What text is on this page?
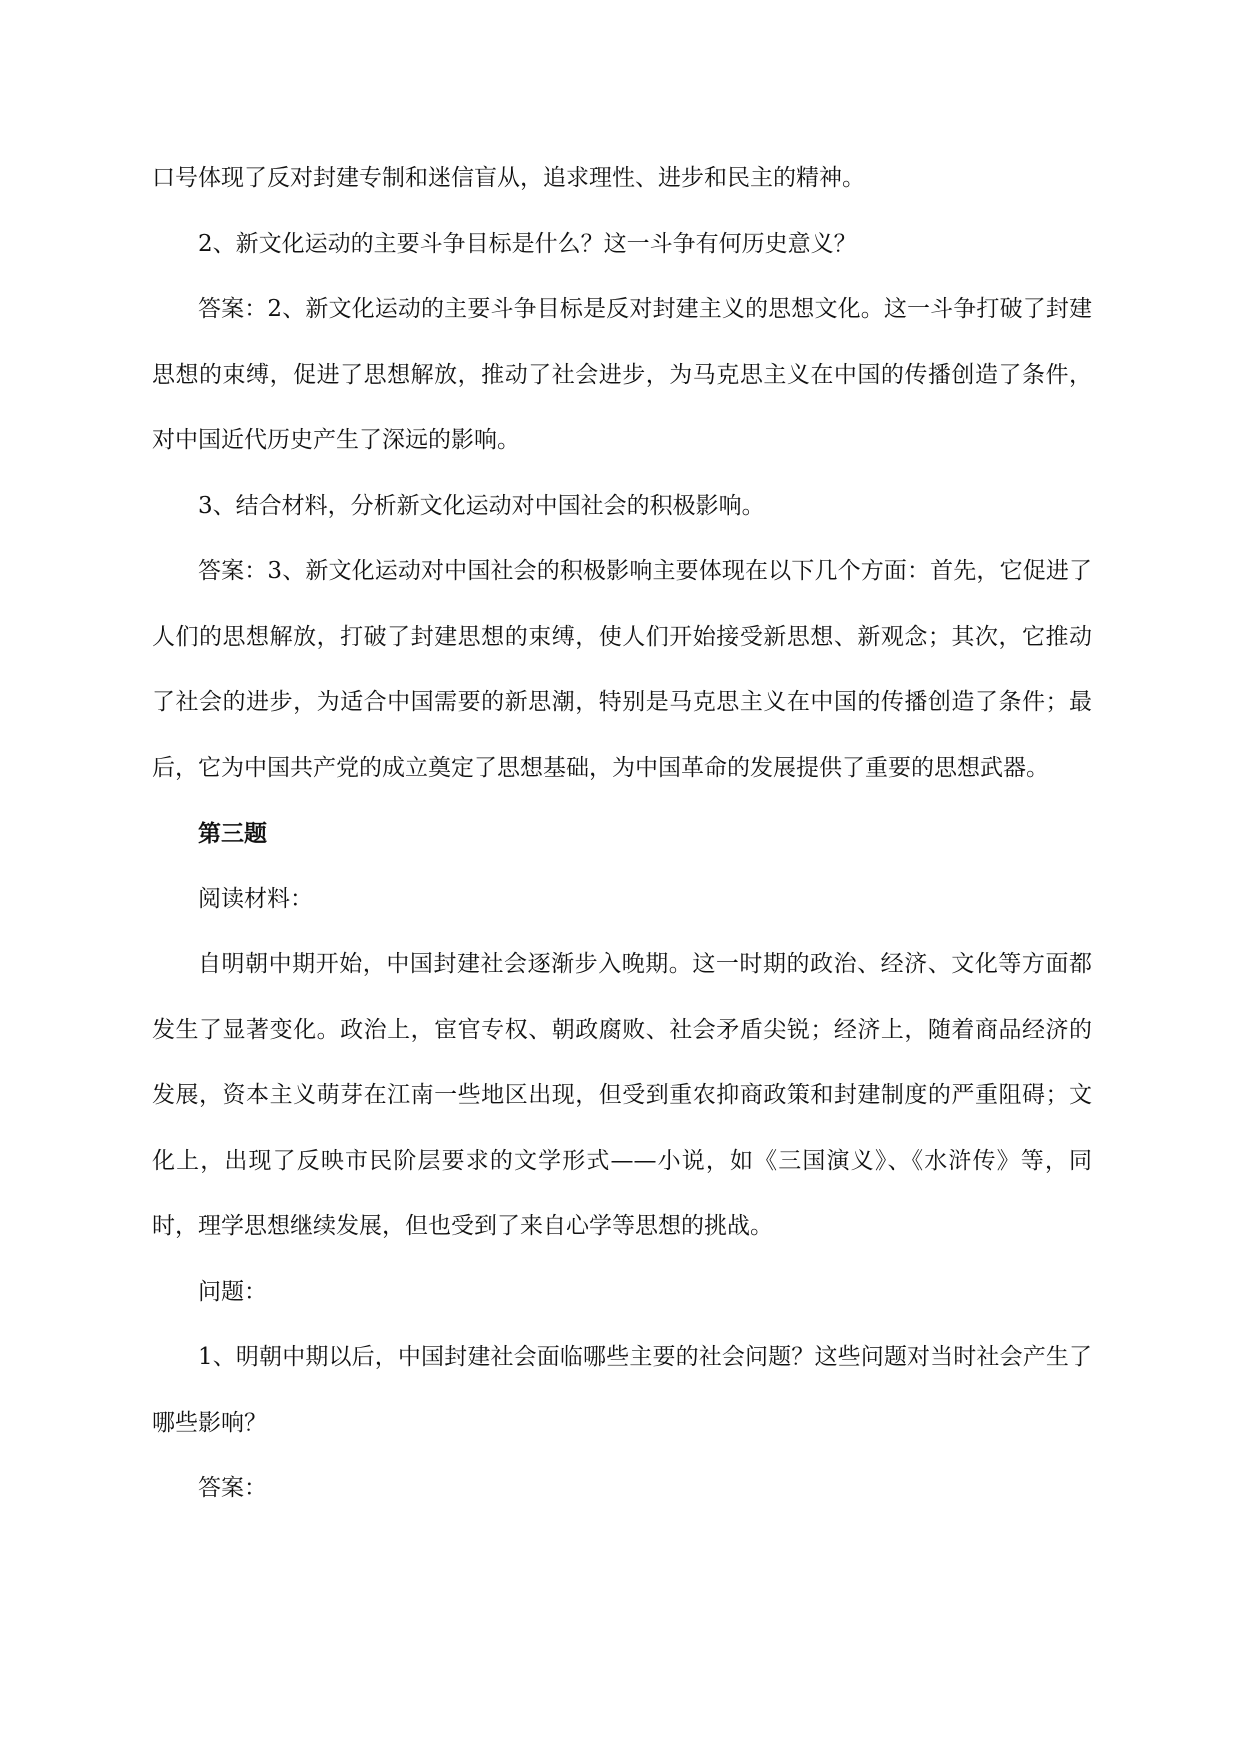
口号体现了反对封建专制和迷信盲从，追求理性、进步和民主的精神。

2、新文化运动的主要斗争目标是什么？这一斗争有何历史意义？

答案：2、新文化运动的主要斗争目标是反对封建主义的思想文化。这一斗争打破了封建思想的束缚，促进了思想解放，推动了社会进步，为马克思主义在中国的传播创造了条件，对中国近代历史产生了深远的影响。

3、结合材料，分析新文化运动对中国社会的积极影响。

答案：3、新文化运动对中国社会的积极影响主要体现在以下几个方面：首先，它促进了人们的思想解放，打破了封建思想的束缚，使人们开始接受新思想、新观念；其次，它推动了社会的进步，为适合中国需要的新思潮，特别是马克思主义在中国的传播创造了条件；最后，它为中国共产党的成立奠定了思想基础，为中国革命的发展提供了重要的思想武器。

第三题

阅读材料：

自明朝中期开始，中国封建社会逐渐步入晚期。这一时期的政治、经济、文化等方面都发生了显著变化。政治上，宦官专权、朝政腐败、社会矛盾尖锐；经济上，随着商品经济的发展，资本主义萌芽在江南一些地区出现，但受到重农抑商政策和封建制度的严重阻碍；文化上，出现了反映市民阶层要求的文学形式——小说，如《三国演义》、《水浒传》等，同时，理学思想继续发展，但也受到了来自心学等思想的挑战。

问题：

1、明朝中期以后，中国封建社会面临哪些主要的社会问题？这些问题对当时社会产生了哪些影响？

答案：
